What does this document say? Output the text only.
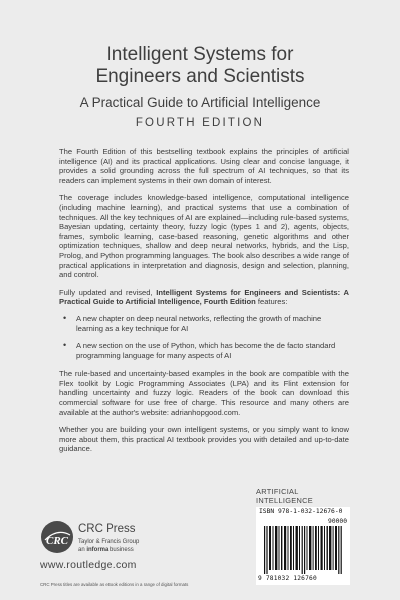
Intelligent Systems for
Engineers and Scientists
A Practical Guide to Artificial Intelligence
FOURTH EDITION

The Fourth Edition of this bestselling textbook explains the principles of artificial intelligence (AI) and its practical applications. Using clear and concise language, it provides a solid grounding across the full spectrum of AI techniques, so that its readers can implement systems in their own domain of interest.

The coverage includes knowledge-based intelligence, computational intelligence (including machine learning), and practical systems that use a combination of techniques. All the key techniques of AI are explained—including rule-based systems, Bayesian updating, certainty theory, fuzzy logic (types 1 and 2), agents, objects, frames, symbolic learning, case-based reasoning, genetic algorithms and other optimization techniques, shallow and deep neural networks, hybrids, and the Lisp, Prolog, and Python programming languages. The book also describes a wide range of practical applications in interpretation and diagnosis, design and selection, planning, and control.

Fully updated and revised, Intelligent Systems for Engineers and Scientists: A Practical Guide to Artificial Intelligence, Fourth Edition features:

• A new chapter on deep neural networks, reflecting the growth of machine learning as a key technique for AI
• A new section on the use of Python, which has become the de facto standard programming language for many aspects of AI

The rule-based and uncertainty-based examples in the book are compatible with the Flex toolkit by Logic Programming Associates (LPA) and its Flint extension for handling uncertainty and fuzzy logic. Readers of the book can download this commercial software for use free of charge. This resource and many others are available at the author's website: adrianhopgood.com.

Whether you are building your own intelligent systems, or you simply want to know more about them, this practical AI textbook provides you with detailed and up-to-date guidance.

CRC
CRC Press
Taylor & Francis Group
an informa business
www.routledge.com
CRC Press titles are available as eBook editions in a range of digital formats
ARTIFICIAL INTELLIGENCE
ISBN 978-1-032-12676-0
90000
9 781032 126760
